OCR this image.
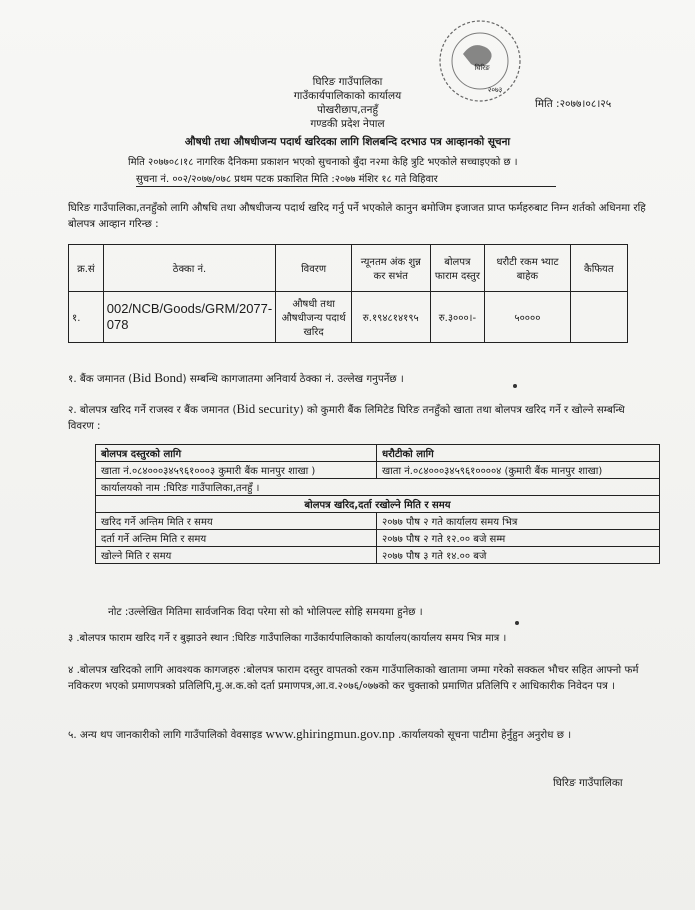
घिरिङ
२०७३
घिरिङ गाउँपालिका
गाउँकार्यपालिकाको कार्यालय
पोखरीछाप,तनहुँ
गण्डकी प्रदेश नेपाल
मिति :२०७७।०८।२५
औषधी तथा औषधीजन्य पदार्थ खरिदका लागि शिलबन्दि दरभाउ पत्र आव्हानको सूचना
मिति २०७७०८।१८ नागरिक दैनिकमा प्रकाशन भएको सुचनाको बुँदा न२मा केहि त्रुटि भएकोले सच्चाइएको छ ।
सुचना नं. ००२/२०७७/०७८ प्रथम पटक प्रकाशित मिति :२०७७ मंशिर १८ गते विहिवार
घिरिङ गाउँपालिका,तनहुँको लागि औषधि तथा औषधीजन्य पदार्थ खरिद गर्नु पर्ने भएकोले कानुन बमोजिम इजाजत प्राप्त फर्महरुबाट निम्न शर्तको अधिनमा रहि बोलपत्र आव्हान गरिन्छ :
क्र.सं	ठेक्का नं.	विवरण	न्यूनतम अंक शुन्न कर सभंत	बोलपत्र फाराम दस्तुर	धरौटी रकम भ्याट बाहेक	कैफियत
१.	002/NCB/Goods/GRM/2077-078	औषधी तथा औषधीजन्य पदार्थ खरिद	रु.१९४८१४१९५	रु.३०००।-	५००००	
१. बैंक जमानत (Bid Bond) सम्बन्धि कागजातमा अनिवार्य ठेक्का नं. उल्लेख गनुपर्नेछ ।
२. बोलपत्र खरिद गर्ने राजस्व र बैंक जमानत (Bid security) को कुमारी बैंक लिमिटेड घिरिङ तनहुँको खाता तथा बोलपत्र खरिद गर्ने र खोल्ने सम्बन्धि विवरण :
बोलपत्र दस्तुरको लागि	धरौटीको लागि
खाता नं.०८४०००३४५९६१०००३ कुमारी बैंक मानपुर शाखा )	खाता नं.०८४०००३४५९६१००००४ (कुमारी बैंक मानपुर शाखा)
कार्यालयको नाम :घिरिङ गाउँपालिका,तनहुँ ।	
बोलपत्र खरिद,दर्ता रखोल्ने मिति र समय	
खरिद गर्ने अन्तिम मिति र समय	२०७७ पौष २ गते कार्यालय समय भित्र
दर्ता गर्ने अन्तिम मिति र समय	२०७७ पौष २ गते १२.०० बजे सम्म
खोल्ने मिति र समय	२०७७ पौष ३ गते १४.०० बजे
नोट :उल्लेखित मितिमा सार्वजनिक विदा परेमा सो को भोलिपल्ट सोहि समयमा हुनेछ ।
३ .बोलपत्र फाराम खरिद गर्ने र बुझाउने स्थान :घिरिङ गाउँपालिका गाउँकार्यपालिकाको कार्यालय(कार्यालय समय भित्र मात्र ।
४ .बोलपत्र खरिदको लागि आवश्यक कागजहरु :बोलपत्र फाराम दस्तुर वापतको रकम गाउँपालिकाको खातामा जम्मा गरेको सक्कल भौचर सहित आफ्नो फर्म नविकरण भएको प्रमाणपत्रको प्रतिलिपि,मु.अ.क.को दर्ता प्रमाणपत्र,आ.व.२०७६/०७७को कर चुक्ताको प्रमाणित प्रतिलिपि र आधिकारीक निवेदन पत्र ।
५. अन्य थप जानकारीको लागि गाउँपालिको वेवसाइड www.ghiringmun.gov.np .कार्यालयको सूचना पाटीमा हेर्नुहुन अनुरोध छ ।
घिरिङ गाउँपालिका
